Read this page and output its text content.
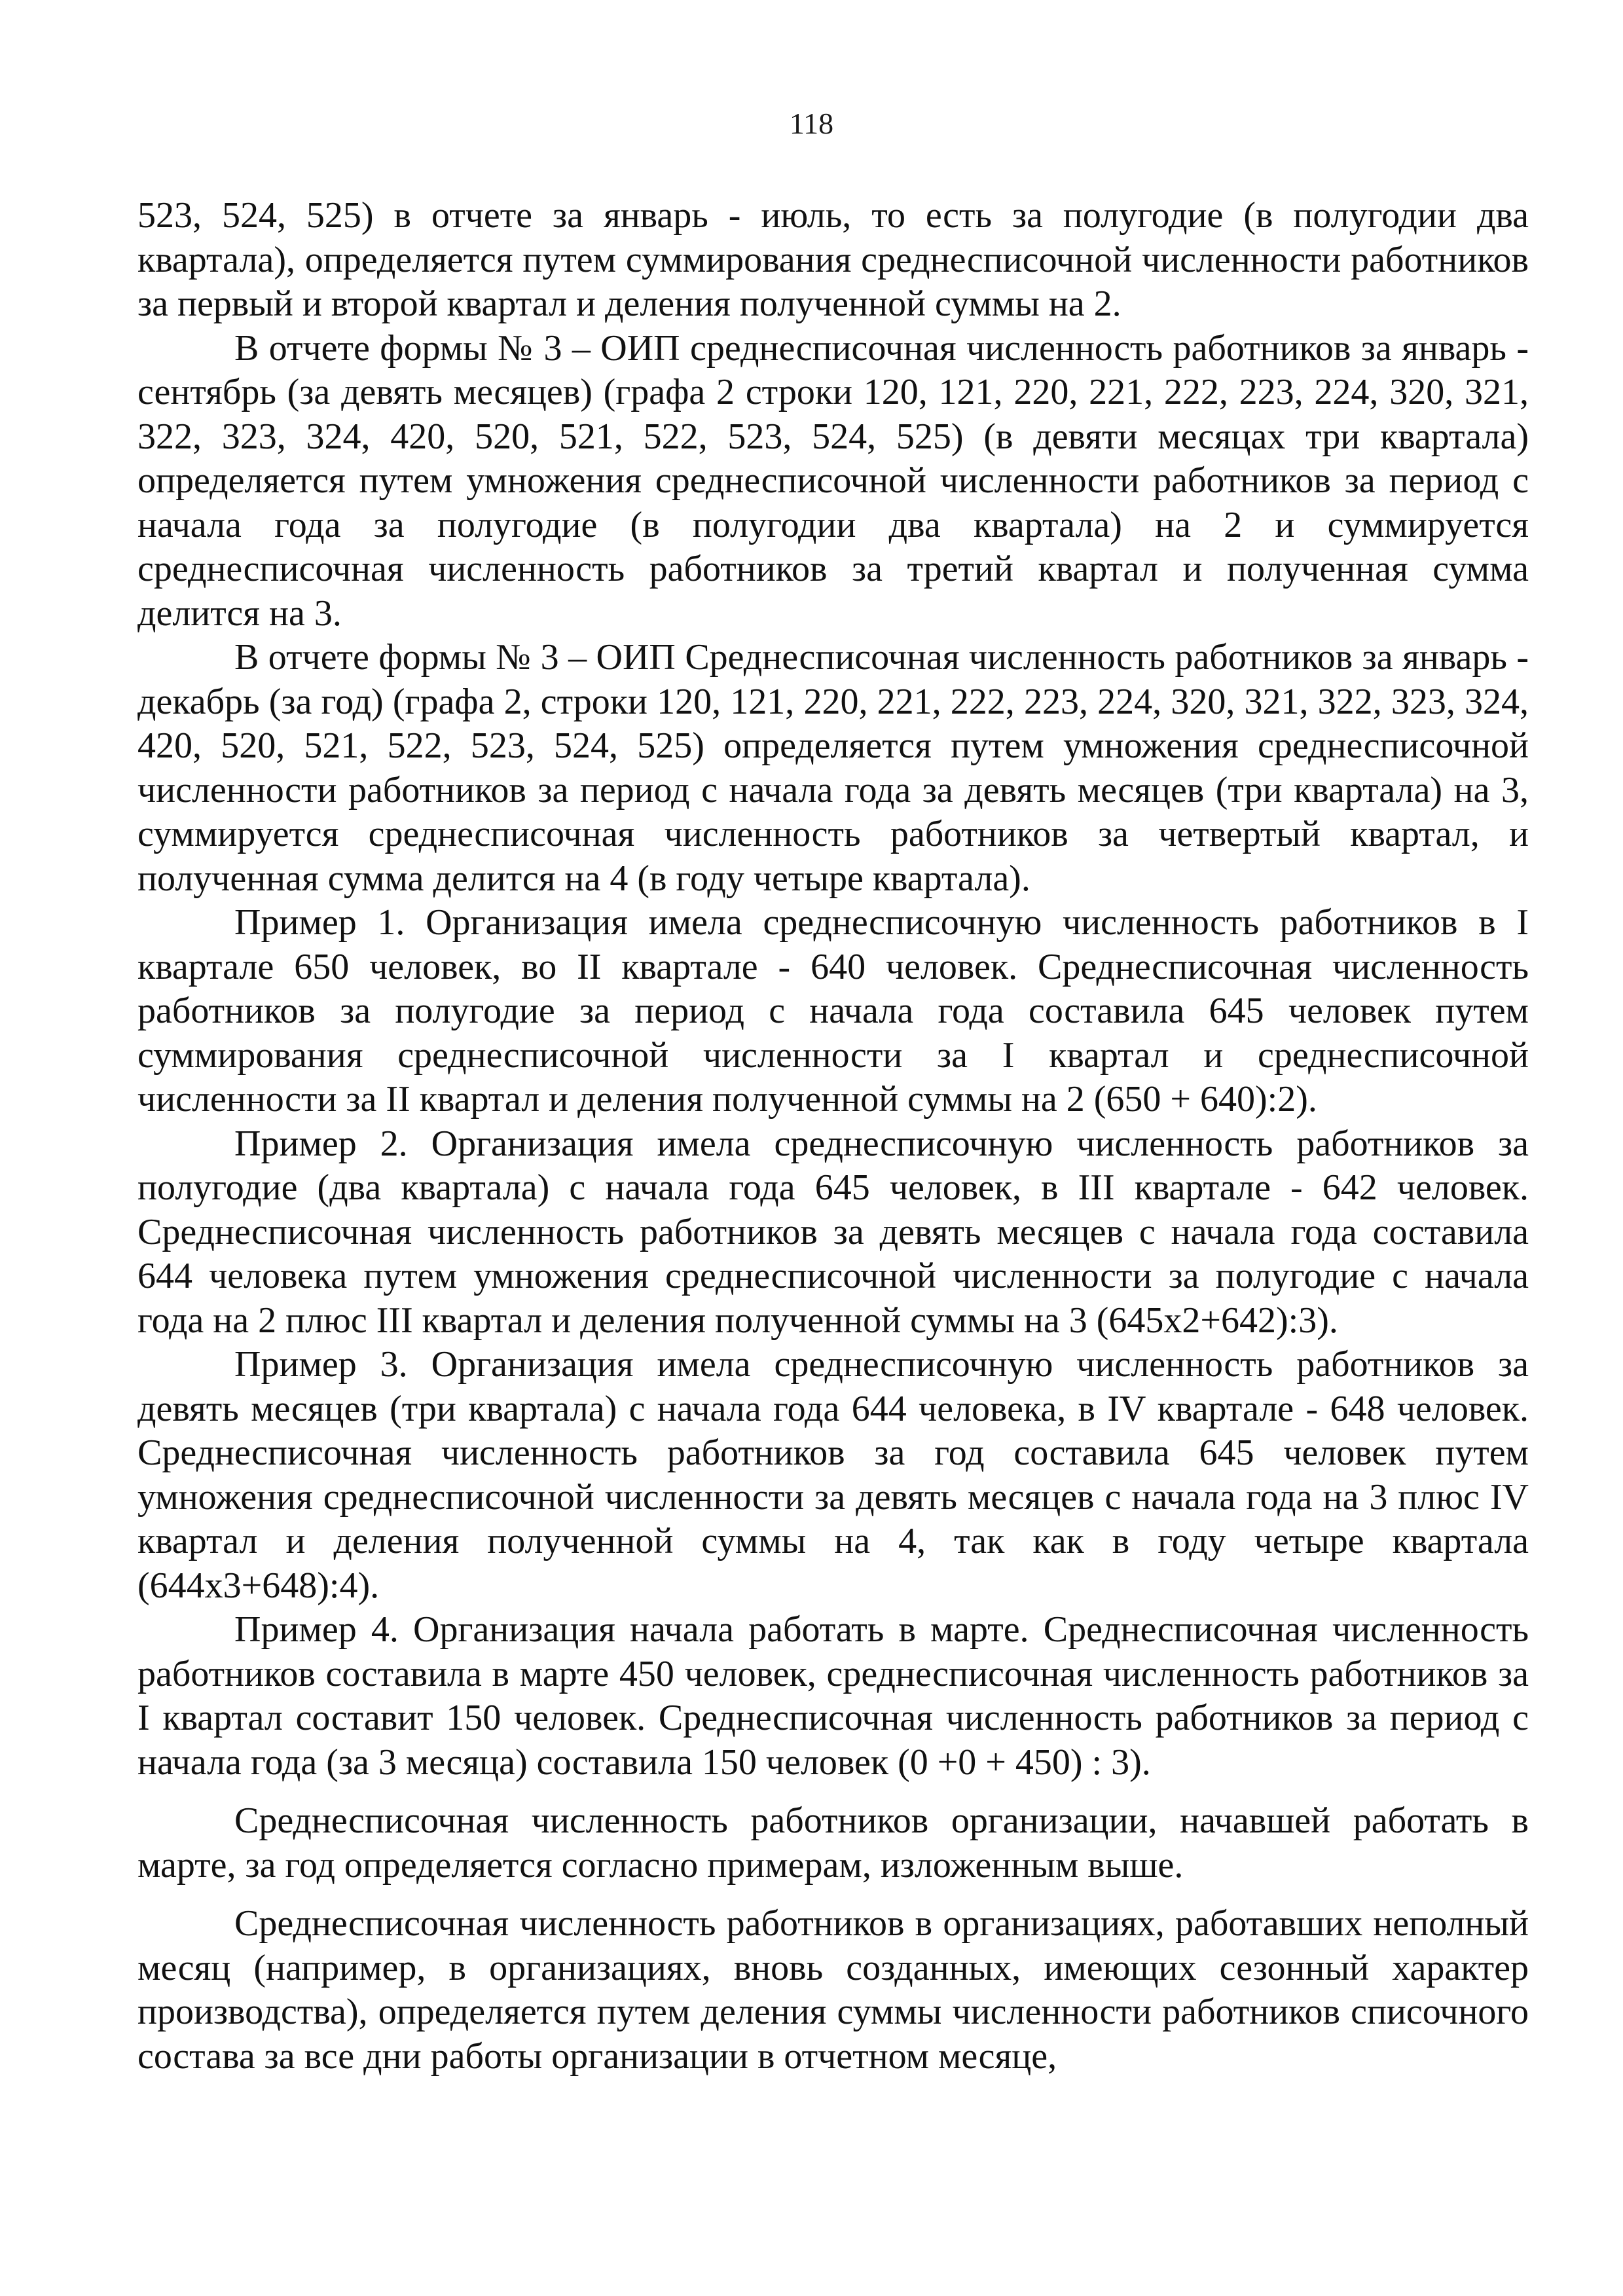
118

523, 524, 525) в отчете за январь - июль, то есть за полугодие (в полугодии два квартала), определяется путем суммирования среднесписочной численности работников за первый и второй квартал и деления полученной суммы на 2.

В отчете формы № 3 – ОИП среднесписочная численность работников за январь - сентябрь (за девять месяцев) (графа 2 строки 120, 121, 220, 221, 222, 223, 224, 320, 321, 322, 323, 324, 420, 520, 521, 522, 523, 524, 525) (в девяти месяцах три квартала) определяется путем умножения среднесписочной численности работников за период с начала года за полугодие (в полугодии два квартала) на 2 и суммируется среднесписочная численность работников за третий квартал и полученная сумма делится на 3.

В отчете формы № 3 – ОИП Среднесписочная численность работников за январь - декабрь (за год) (графа 2, строки 120, 121, 220, 221, 222, 223, 224, 320, 321, 322, 323, 324, 420, 520, 521, 522, 523, 524, 525) определяется путем умножения среднесписочной численности работников за период с начала года за девять месяцев (три квартала) на 3, суммируется среднесписочная численность работников за четвертый квартал, и полученная сумма делится на 4 (в году четыре квартала).

Пример 1. Организация имела среднесписочную численность работников в I квартале 650 человек, во II квартале - 640 человек. Среднесписочная численность работников за полугодие за период с начала года составила 645 человек путем суммирования среднесписочной численности за I квартал и среднесписочной численности за II квартал и деления полученной суммы на 2 (650 + 640):2).

Пример 2. Организация имела среднесписочную численность работников за полугодие (два квартала) с начала года 645 человек, в III квартале - 642 человек. Среднесписочная численность работников за девять месяцев с начала года составила 644 человека путем умножения среднесписочной численности за полугодие с начала года на 2 плюс III квартал и деления полученной суммы на 3 (645х2+642):3).

Пример 3. Организация имела среднесписочную численность работников за девять месяцев (три квартала) с начала года 644 человека, в IV квартале - 648 человек. Среднесписочная численность работников за год составила 645 человек путем умножения среднесписочной численности за девять месяцев с начала года на 3 плюс IV квартал и деления полученной суммы на 4, так как в году четыре квартала (644х3+648):4).

Пример 4. Организация начала работать в марте. Среднесписочная численность работников составила в марте 450 человек, среднесписочная численность работников за I квартал составит 150 человек. Среднесписочная численность работников за период с начала года (за 3 месяца) составила 150 человек (0 +0 + 450) : 3).

Среднесписочная численность работников организации, начавшей работать в марте, за год определяется согласно примерам, изложенным выше.

Среднесписочная численность работников в организациях, работавших неполный месяц (например, в организациях, вновь созданных, имеющих сезонный характер производства), определяется путем деления суммы численности работников списочного состава за все дни работы организации в отчетном месяце,
